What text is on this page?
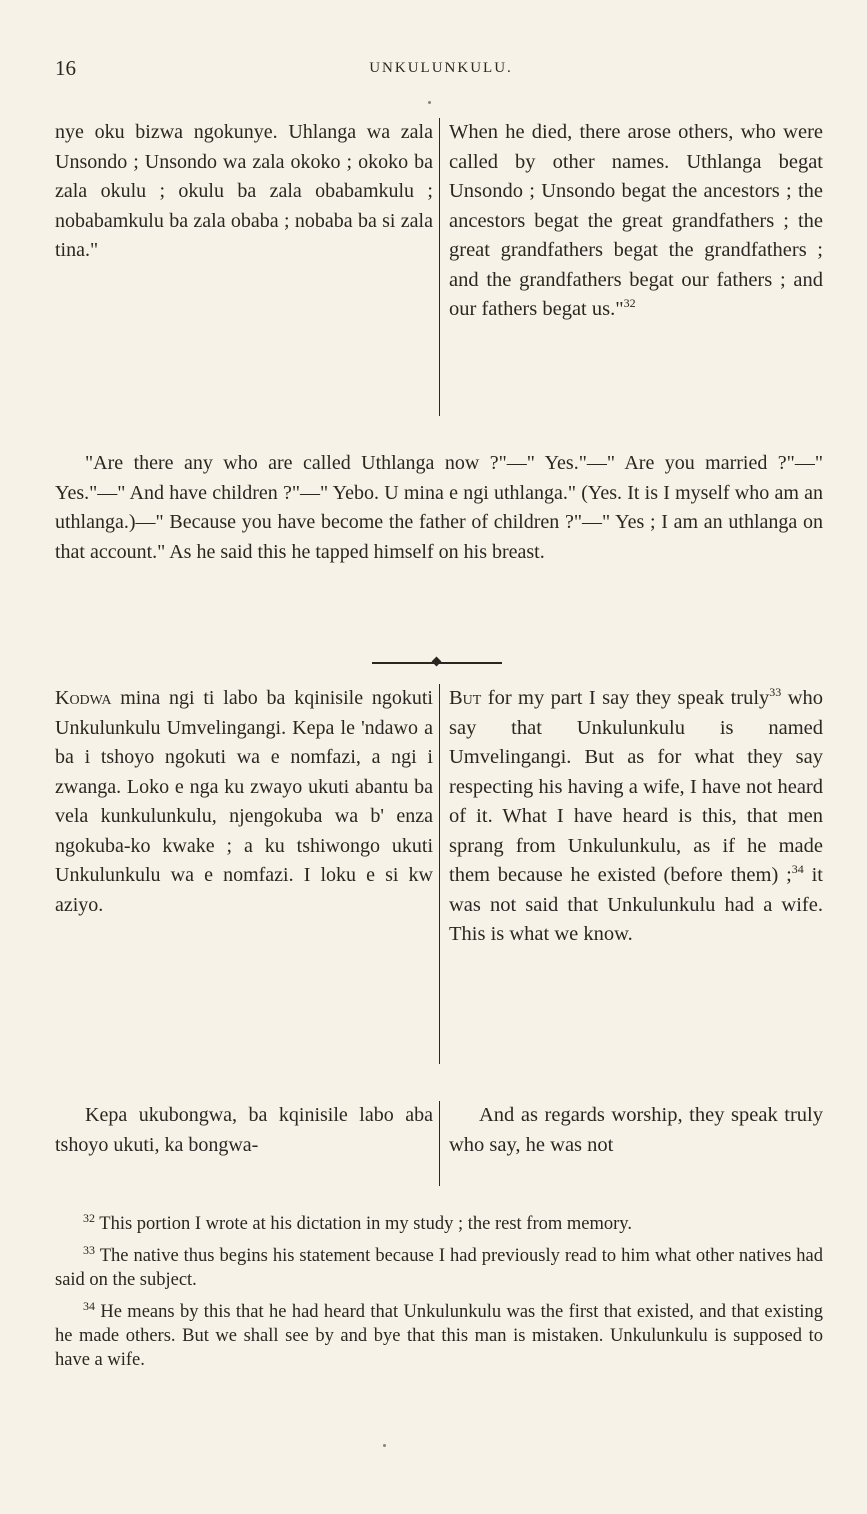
16	UNKULUNKULU.
nye oku bizwa ngokunye. Uhlanga wa zala Unsondo ; Unsondo wa zala okoko ; okoko ba zala okulu ; okulu ba zala obabamkulu ; nobabamkulu ba zala obaba ; nobaba ba si zala tina."
When he died, there arose others, who were called by other names. Uthlanga begat Unsondo ; Unsondo begat the ancestors ; the ancestors begat the great grandfathers ; the great grandfathers begat the grandfathers ; and the grandfathers begat our fathers ; and our fathers begat us."$^{32}$
"Are there any who are called Uthlanga now ?"—" Yes."—" Are you married ?"—" Yes."—" And have children ?"—" Yebo. U mina e ngi uthlanga." (Yes. It is I myself who am an uthlanga.)—" Because you have become the father of children ?"—" Yes ; I am an uthlanga on that account." As he said this he tapped himself on his breast.
Kodwa mina ngi ti labo ba kqinisile ngokuti Unkulunkulu Umvelingangi. Kepa le 'ndawo a ba i tshoyo ngokuti wa e nomfazi, a ngi i zwanga. Loko e nga ku zwayo ukuti abantu ba vela kunkulunkulu, njengokuba wa b' enza ngokuba-ko kwake ; a ku tshiwongo ukuti Unkulunkulu wa e nomfazi. I loku e si kw aziyo.
But for my part I say they speak truly$^{33}$ who say that Unkulunkulu is named Umvelingangi. But as for what they say respecting his having a wife, I have not heard of it. What I have heard is this, that men sprang from Unkulunkulu, as if he made them because he existed (before them) ;$^{34}$ it was not said that Unkulunkulu had a wife. This is what we know.
Kepa ukubongwa, ba kqinisile labo aba tshoyo ukuti, ka bongwa-
And as regards worship, they speak truly who say, he was not

$^{32}$ This portion I wrote at his dictation in my study ; the rest from memory.

$^{33}$ The native thus begins his statement because I had previously read to him what other natives had said on the subject.

$^{34}$ He means by this that he had heard that Unkulunkulu was the first that existed, and that existing he made others. But we shall see by and bye that this man is mistaken. Unkulunkulu is supposed to have a wife.
